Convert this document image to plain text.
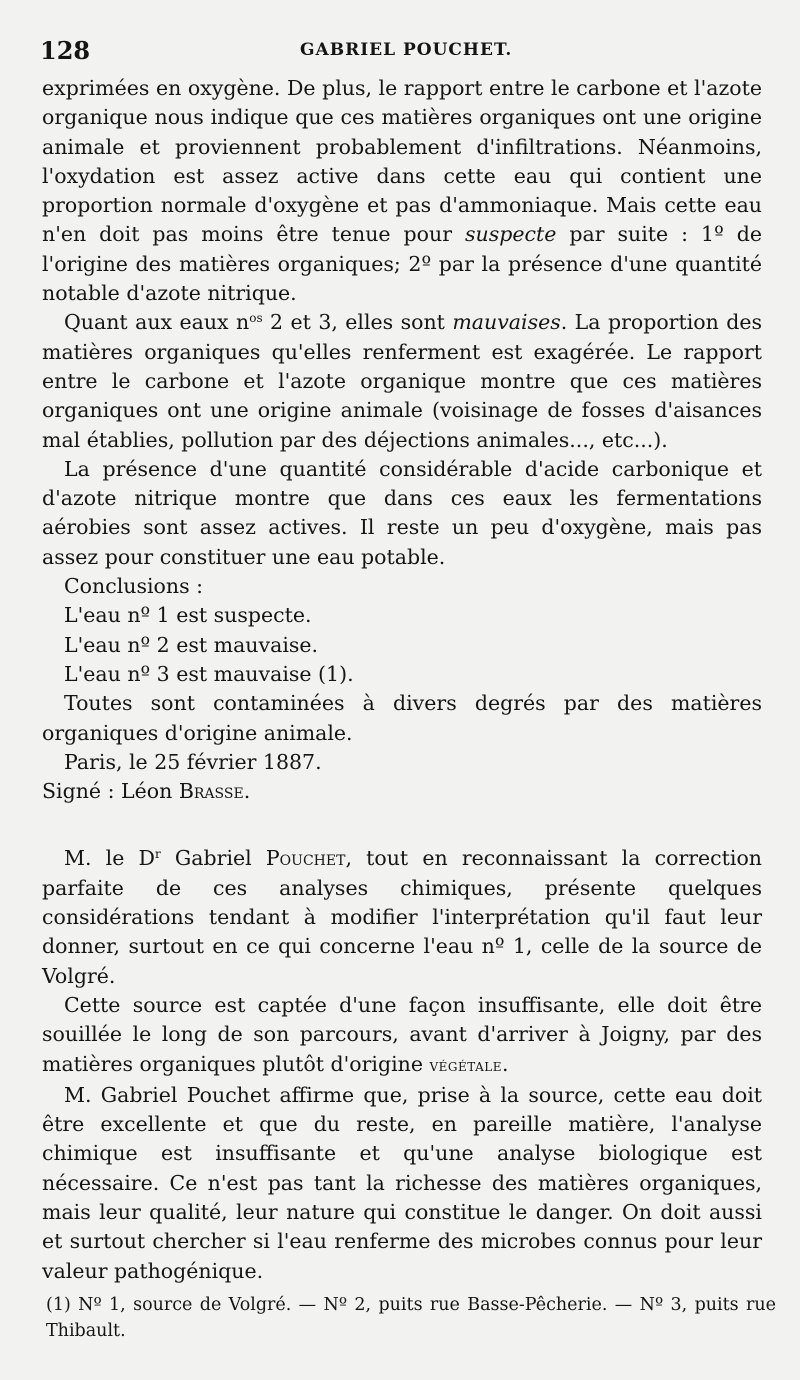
128	GABRIEL POUCHET.

exprimées en oxygène. De plus, le rapport entre le carbone et l'azote organique nous indique que ces matières organiques ont une origine animale et proviennent probablement d'infiltrations. Néanmoins, l'oxydation est assez active dans cette eau qui contient une proportion normale d'oxygène et pas d'ammoniaque. Mais cette eau n'en doit pas moins être tenue pour suspecte par suite : 1º de l'origine des matières organiques; 2º par la présence d'une quantité notable d'azote nitrique.

Quant aux eaux $n^{os}$ 2 et 3, elles sont mauvaises. La proportion des matières organiques qu'elles renferment est exagérée. Le rapport entre le carbone et l'azote organique montre que ces matières organiques ont une origine animale (voisinage de fosses d'aisances mal établies, pollution par des déjections animales..., etc...).

La présence d'une quantité considérable d'acide carbonique et d'azote nitrique montre que dans ces eaux les fermentations aérobies sont assez actives. Il reste un peu d'oxygène, mais pas assez pour constituer une eau potable.

Conclusions :

L'eau nº 1 est suspecte.

L'eau nº 2 est mauvaise.

L'eau nº 3 est mauvaise (1).

Toutes sont contaminées à divers degrés par des matières organiques d'origine animale.

Paris, le 25 février 1887.

Signé : Léon Brasse.

M. le $D^r$ Gabriel Pouchet, tout en reconnaissant la correction parfaite de ces analyses chimiques, présente quelques considérations tendant à modifier l'interprétation qu'il faut leur donner, surtout en ce qui concerne l'eau nº 1, celle de la source de Volgré.

Cette source est captée d'une façon insuffisante, elle doit être souillée le long de son parcours, avant d'arriver à Joigny, par des matières organiques plutôt d'origine végétale.

M. Gabriel Pouchet affirme que, prise à la source, cette eau doit être excellente et que du reste, en pareille matière, l'analyse chimique est insuffisante et qu'une analyse biologique est nécessaire. Ce n'est pas tant la richesse des matières organiques, mais leur qualité, leur nature qui constitue le danger. On doit aussi et surtout chercher si l'eau renferme des microbes connus pour leur valeur pathogénique.

(1) Nº 1, source de Volgré. — Nº 2, puits rue Basse-Pêcherie. — Nº 3, puits rue Thibault.
